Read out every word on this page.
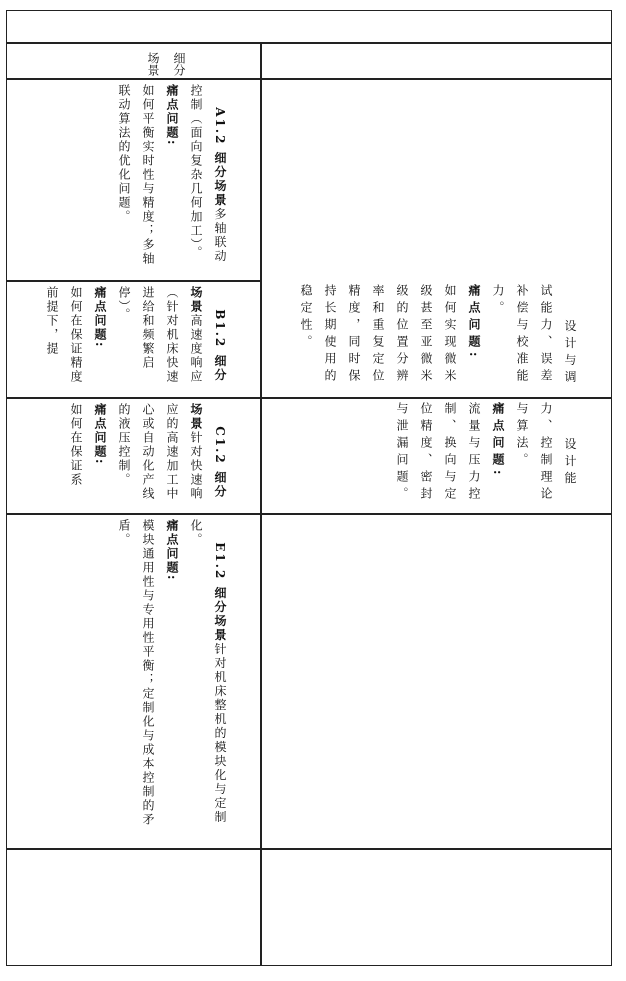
细分场景

A1.2 细分场景多轴联动控制（面向复杂几何加工）。
痛点问题:
如何平衡实时性与精度；多轴联动算法的优化问题。

B1.2 细分场景高速度响应（针对机床快速进给和频繁启停）。
痛点问题:
如何在保证精度前提下，提

C1.2 细分场景针对快速响应的高速加工中心或自动化产线的液压控制。
痛点问题:
如何在保证系

E1.2 细分场景针对机床整机的模块化与定制化。
痛点问题:
模块通用性与专用性平衡；定制化与成本控制的矛盾。

设计与调试能力、误差补偿与校准能力。
痛点问题:
如何实现微米级甚至亚微米级的位置分辨率和重复定位精度，同时保持长期使用的稳定性。

设计能力、控制理论与算法。
痛点问题:
流量与压力控制、换向与定位精度、密封与泄漏问题。
